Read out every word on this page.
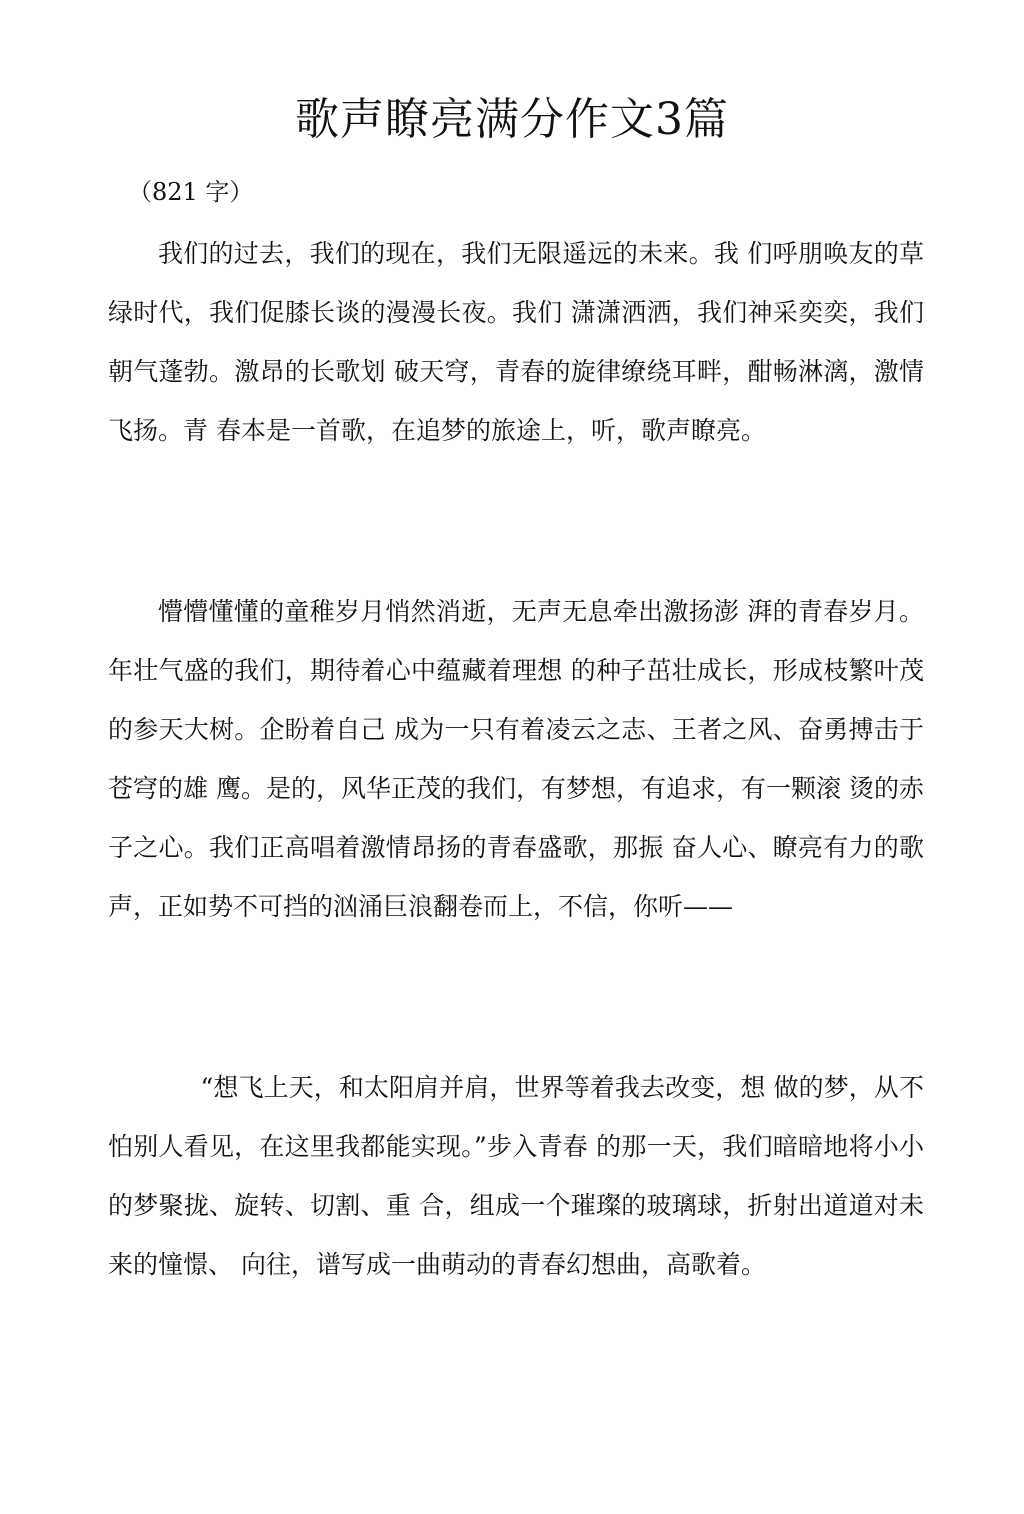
歌声瞭亮满分作文3篇

（821 字）

我们的过去，我们的现在，我们无限遥远的未来。我 们呼朋唤友的草绿时代，我们促膝长谈的漫漫长夜。我们 潇潇洒洒，我们神采奕奕，我们朝气蓬勃。激昂的长歌划 破天穹，青春的旋律缭绕耳畔，酣畅淋漓，激情飞扬。青 春本是一首歌，在追梦的旅途上，听，歌声瞭亮。

懵懵懂懂的童稚岁月悄然消逝，无声无息牵出激扬澎 湃的青春岁月。年壮气盛的我们，期待着心中蕴藏着理想 的种子茁壮成长，形成枝繁叶茂的参天大树。企盼着自己 成为一只有着凌云之志、王者之风、奋勇搏击于苍穹的雄 鹰。是的，风华正茂的我们，有梦想，有追求，有一颗滚 烫的赤子之心。我们正高唱着激情昂扬的青春盛歌，那振 奋人心、瞭亮有力的歌声，正如势不可挡的汹涌巨浪翻卷而上，不信，你听——

“想飞上天，和太阳肩并肩，世界等着我去改变，想 做的梦，从不怕别人看见，在这里我都能实现。”步入青春 的那一天，我们暗暗地将小小的梦聚拢、旋转、切割、重 合，组成一个璀璨的玻璃球，折射出道道对未来的憧憬、 向往，谱写成一曲萌动的青春幻想曲，高歌着。
